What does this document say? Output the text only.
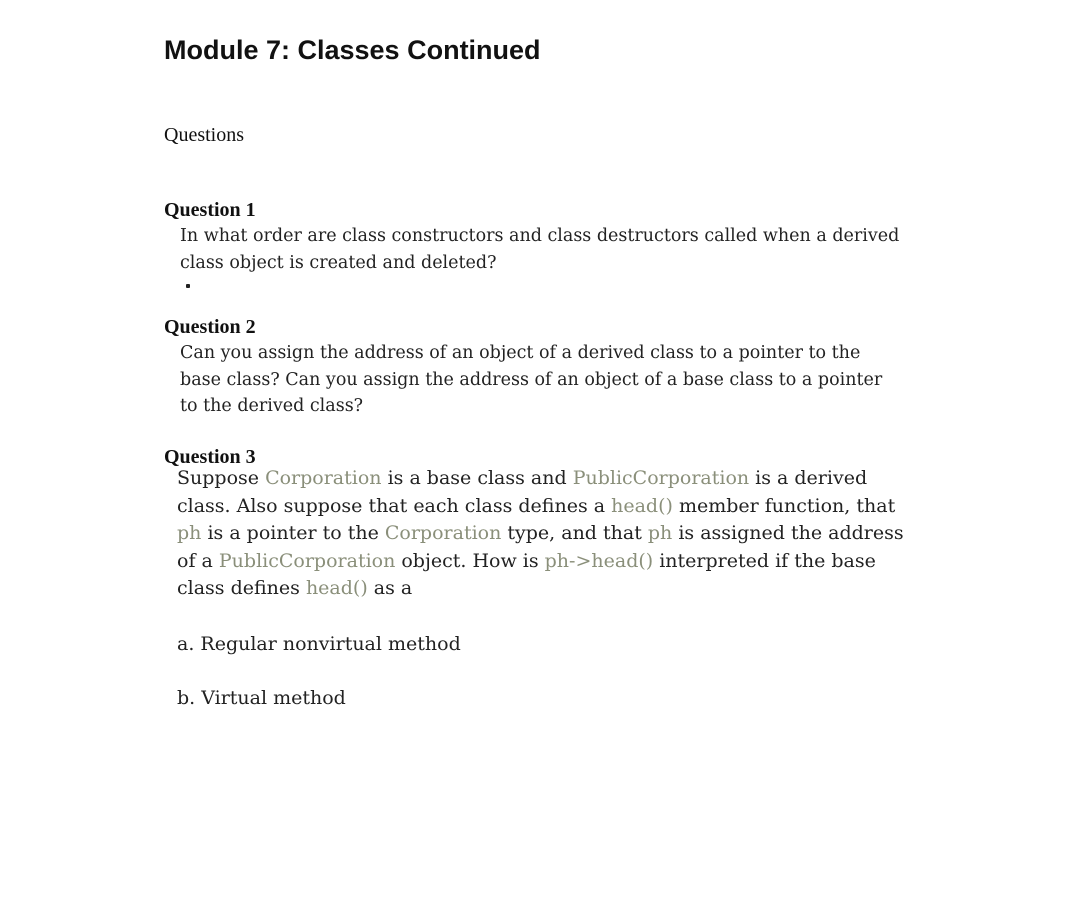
Module 7: Classes Continued
Questions
Question 1

In what order are class constructors and class destructors called when a derived class object is created and deleted?

Question 2

Can you assign the address of an object of a derived class to a pointer to the base class? Can you assign the address of an object of a base class to a pointer to the derived class?

Question 3

Suppose Corporation is a base class and PublicCorporation is a derived class. Also suppose that each class defines a head() member function, that ph is a pointer to the Corporation type, and that ph is assigned the address of a PublicCorporation object. How is ph->head() interpreted if the base class defines head() as a

a. Regular nonvirtual method
b. Virtual method
